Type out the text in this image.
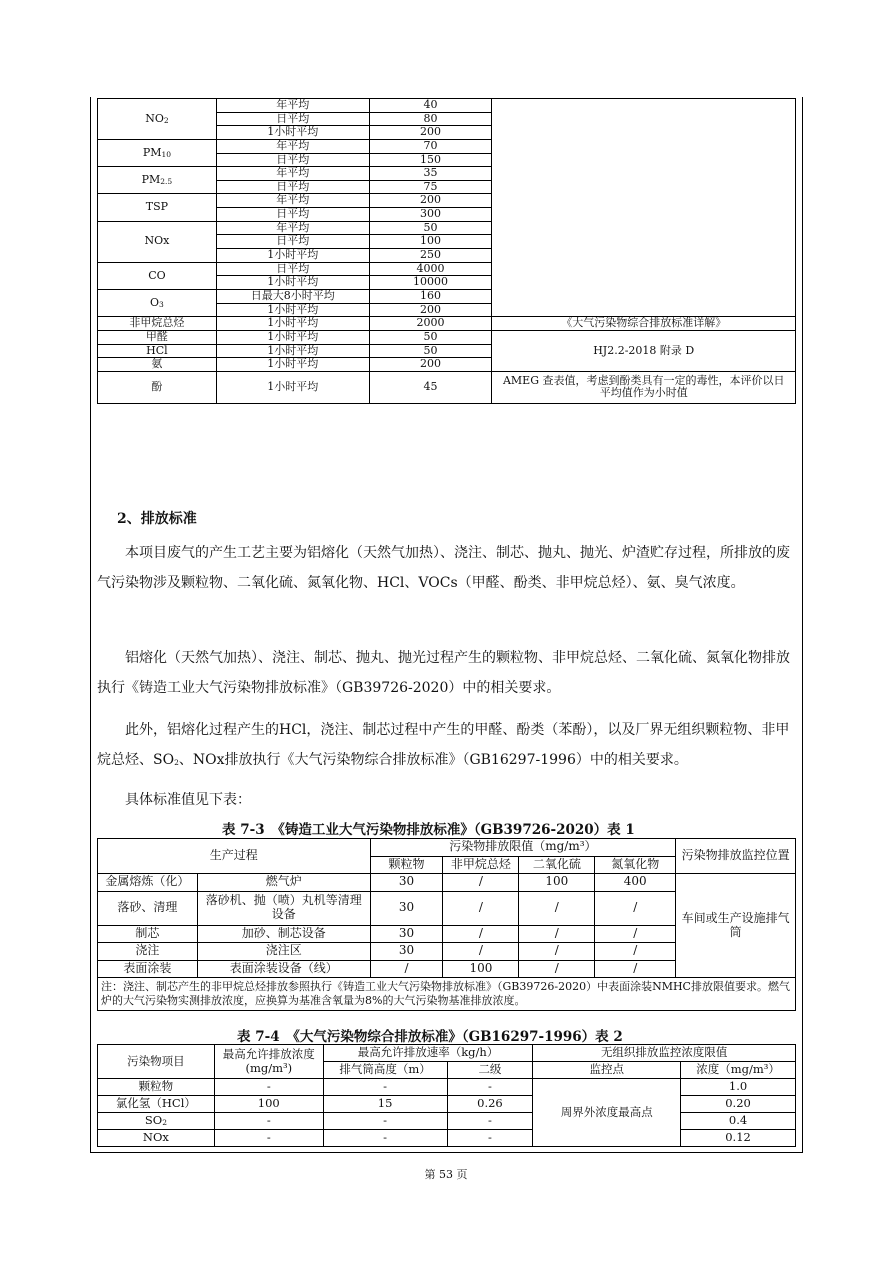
$NO_2$	年平均	40	
	日平均	80	
	1小时平均	200	
$PM_{10}$	年平均	70	
	日平均	150	
$PM_{2.5}$	年平均	35	
	日平均	75	
TSP	年平均	200	
	日平均	300	
NOx	年平均	50	
	日平均	100	
	1小时平均	250	
CO	日平均	4000	
	1小时平均	10000	
$O_3$	日最大8小时平均	160	
	1小时平均	200	
非甲烷总烃	1小时平均	2000	《大气污染物综合排放标准详解》
甲醛	1小时平均	50	HJ2.2-2018 附录 D
HCl	1小时平均	50	
氨	1小时平均	200	
酚	1小时平均	45	AMEG 查表值，考虑到酚类具有一定的毒性，本评价以日平均值作为小时值
2、排放标准

本项目废气的产生工艺主要为铝熔化（天然气加热）、浇注、制芯、抛丸、抛光、炉渣贮存过程，所排放的废气污染物涉及颗粒物、二氧化硫、氮氧化物、HCl、VOCs（甲醛、酚类、非甲烷总烃）、氨、臭气浓度。

铝熔化（天然气加热）、浇注、制芯、抛丸、抛光过程产生的颗粒物、非甲烷总烃、二氧化硫、氮氧化物排放执行《铸造工业大气污染物排放标准》（GB39726-2020）中的相关要求。

此外，铝熔化过程产生的HCl，浇注、制芯过程中产生的甲醛、酚类（苯酚），以及厂界无组织颗粒物、非甲烷总烃、$SO_2$、NOx排放执行《大气污染物综合排放标准》（GB16297-1996）中的相关要求。

具体标准值见下表：

表 7-3　《铸造工业大气污染物排放标准》（GB39726-2020）表 1
生产过程		污染物排放限值（mg/m³）				污染物排放监控位置
		颗粒物	非甲烷总烃	二氧化硫	氮氧化物	
金属熔炼（化）	燃气炉	30	/	100	400	车间或生产设施排气筒
落砂、清理	落砂机、抛（喷）丸机等清理设备	30	/	/	/	
制芯	加砂、制芯设备	30	/	/	/	
浇注	浇注区	30	/	/	/	
表面涂装	表面涂装设备（线）	/	100	/	/	
注：浇注、制芯产生的非甲烷总烃排放参照执行《铸造工业大气污染物排放标准》（GB39726-2020）中表面涂装NMHC排放限值要求。燃气炉的大气污染物实测排放浓度，应换算为基准含氧量为8%的大气污染物基准排放浓度。						
表 7-4　《大气污染物综合排放标准》（GB16297-1996）表 2
污染物项目	最高允许排放浓度(mg/m³)	最高允许排放速率（kg/h）		无组织排放监控浓度限值	
		排气筒高度（m）	二级	监控点	浓度（mg/m³）
颗粒物	-	-	-	周界外浓度最高点	1.0
氯化氢（HCl）	100	15	0.26		0.20
$SO_2$	-	-	-		0.4
NOx	-	-	-		0.12
第 53 页
